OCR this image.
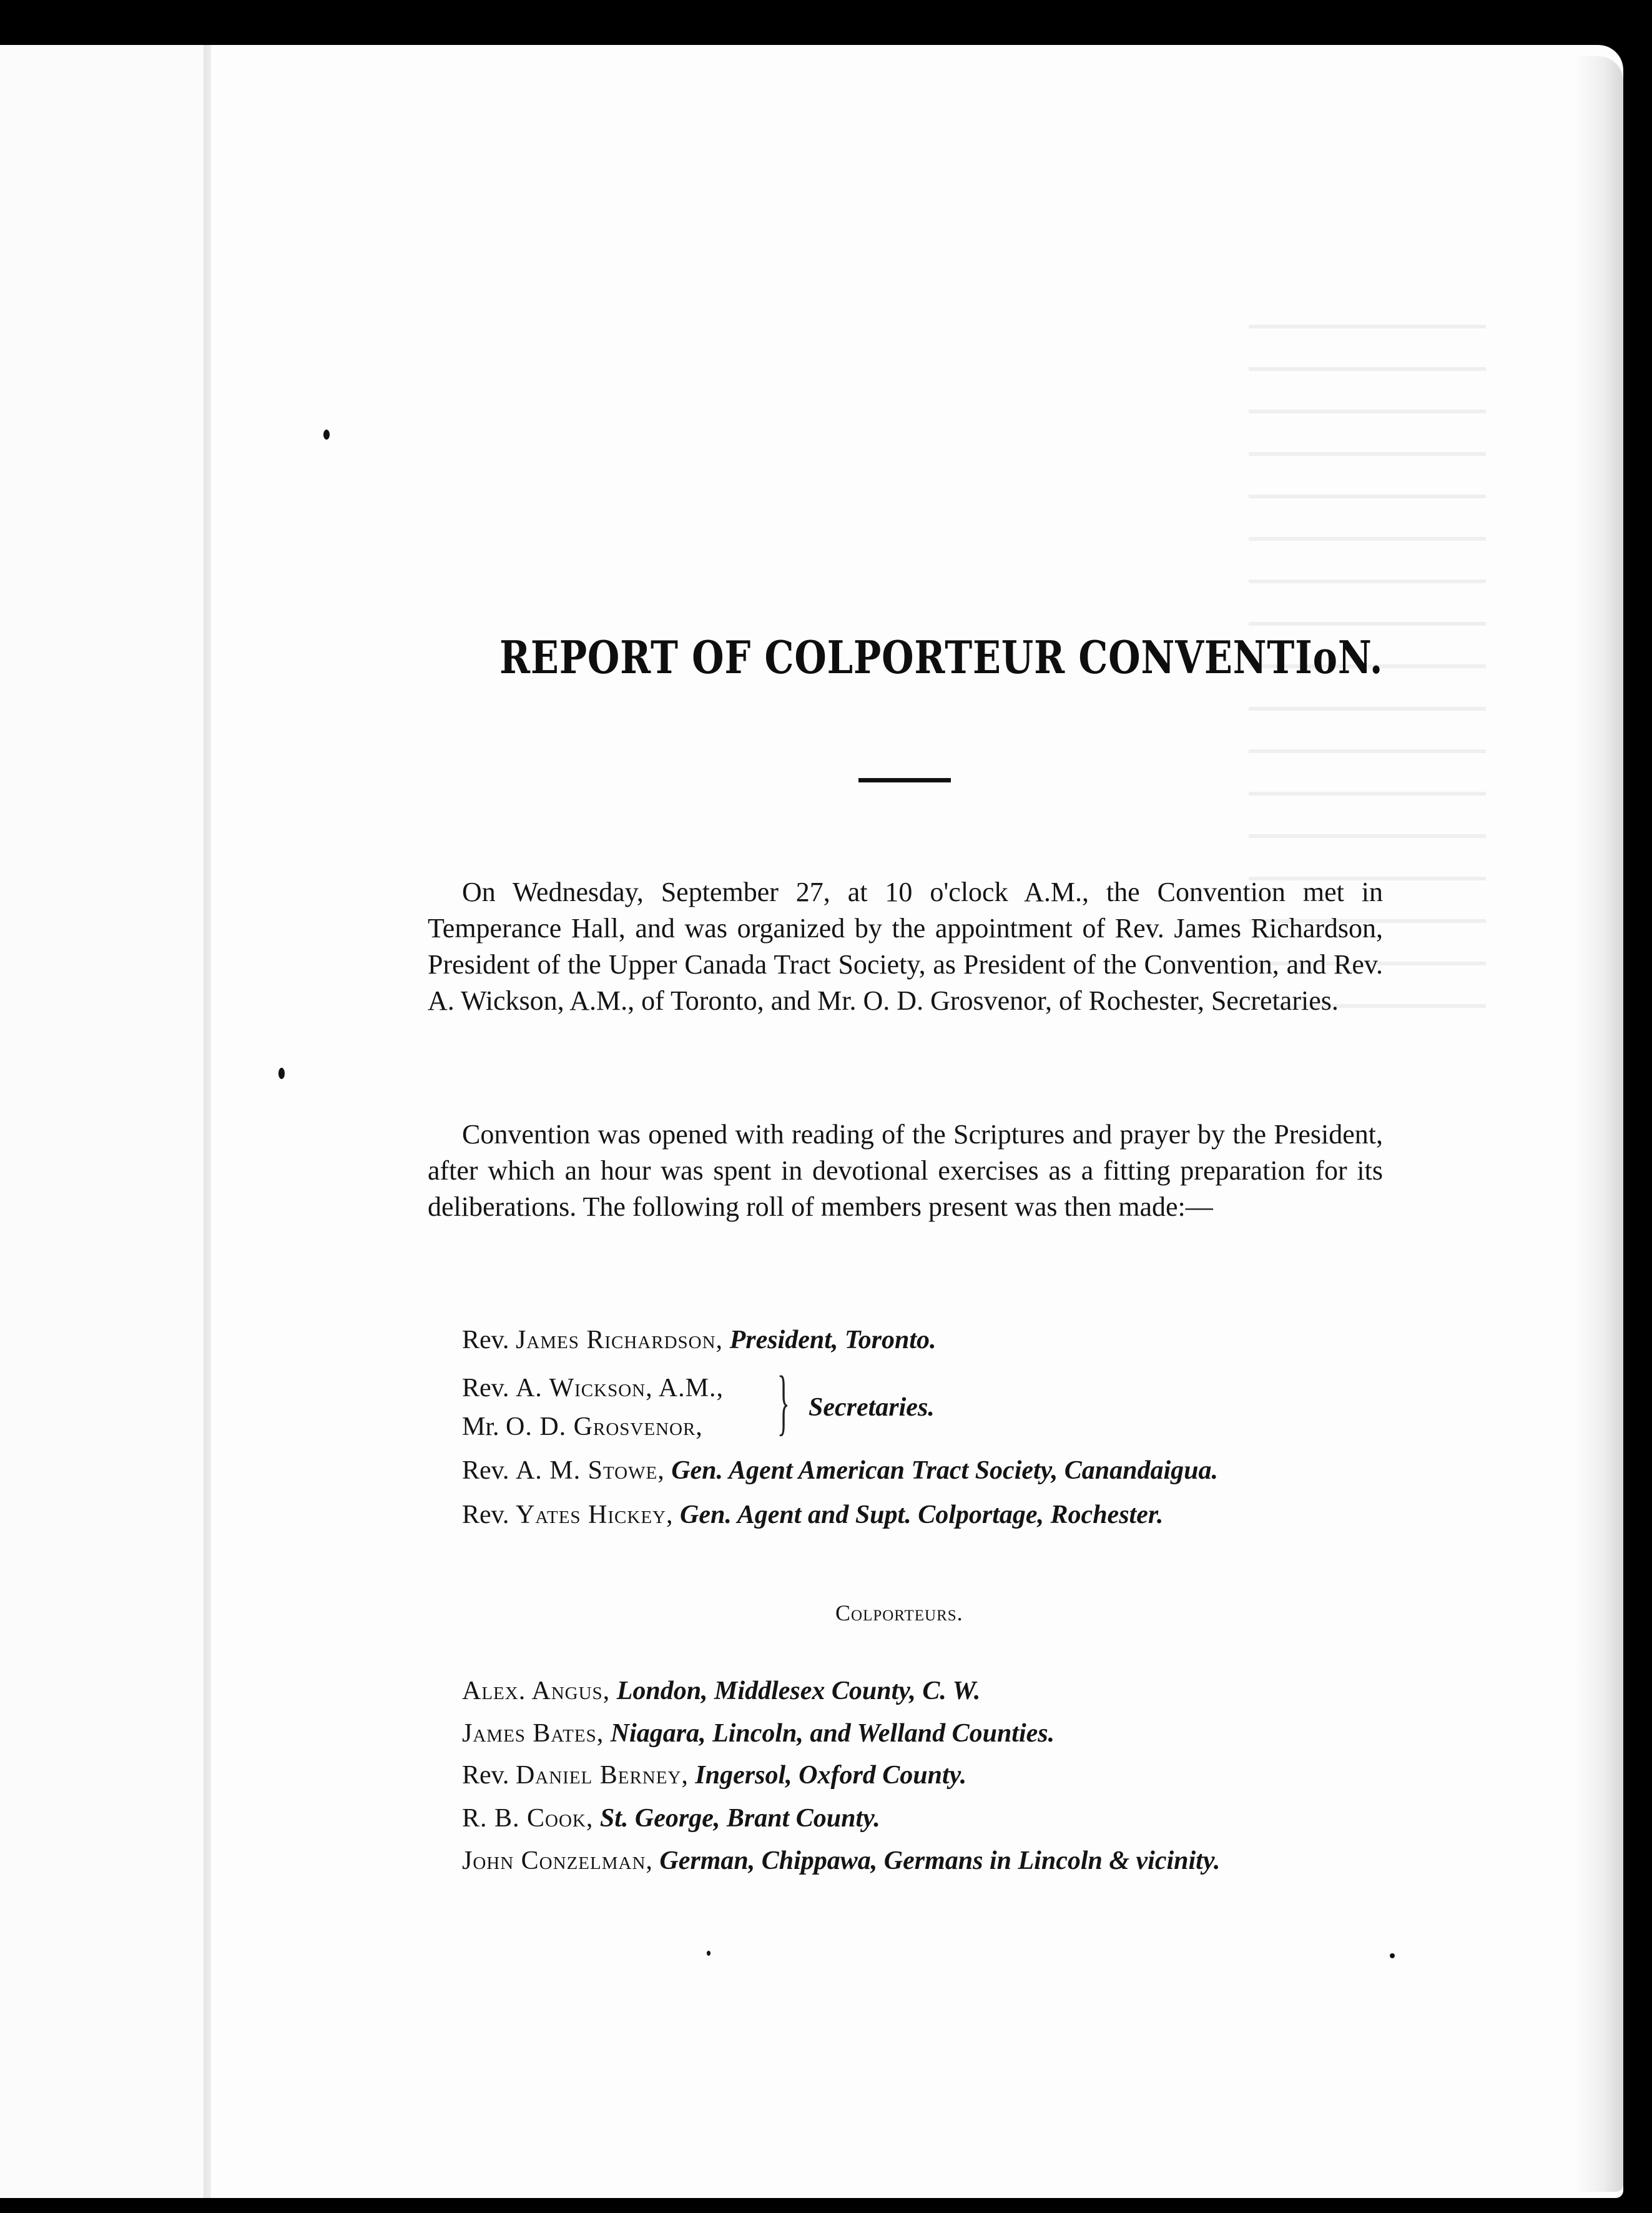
REPORT OF COLPORTEUR CONVENTIoN.

On Wednesday, September 27, at 10 o'clock A.M., the Convention met in Temperance Hall, and was organized by the appointment of Rev. James Richardson, President of the Upper Canada Tract Society, as President of the Convention, and Rev. A. Wickson, A.M., of Toronto, and Mr. O. D. Grosvenor, of Rochester, Secretaries.

Convention was opened with reading of the Scriptures and prayer by the President, after which an hour was spent in devotional exercises as a fitting preparation for its deliberations. The following roll of members present was then made:—

Rev. James Richardson, President, Toronto.
Rev. A. Wickson, A.M.,
Mr. O. D. Grosvenor, } Secretaries.
Rev. A. M. Stowe, Gen. Agent American Tract Society, Canandaigua.
Rev. Yates Hickey, Gen. Agent and Supt. Colportage, Rochester.
Colporteurs.
Alex. Angus, London, Middlesex County, C. W.
James Bates, Niagara, Lincoln, and Welland Counties.
Rev. Daniel Berney, Ingersol, Oxford County.
R. B. Cook, St. George, Brant County.
John Conzelman, German, Chippawa, Germans in Lincoln & vicinity.
